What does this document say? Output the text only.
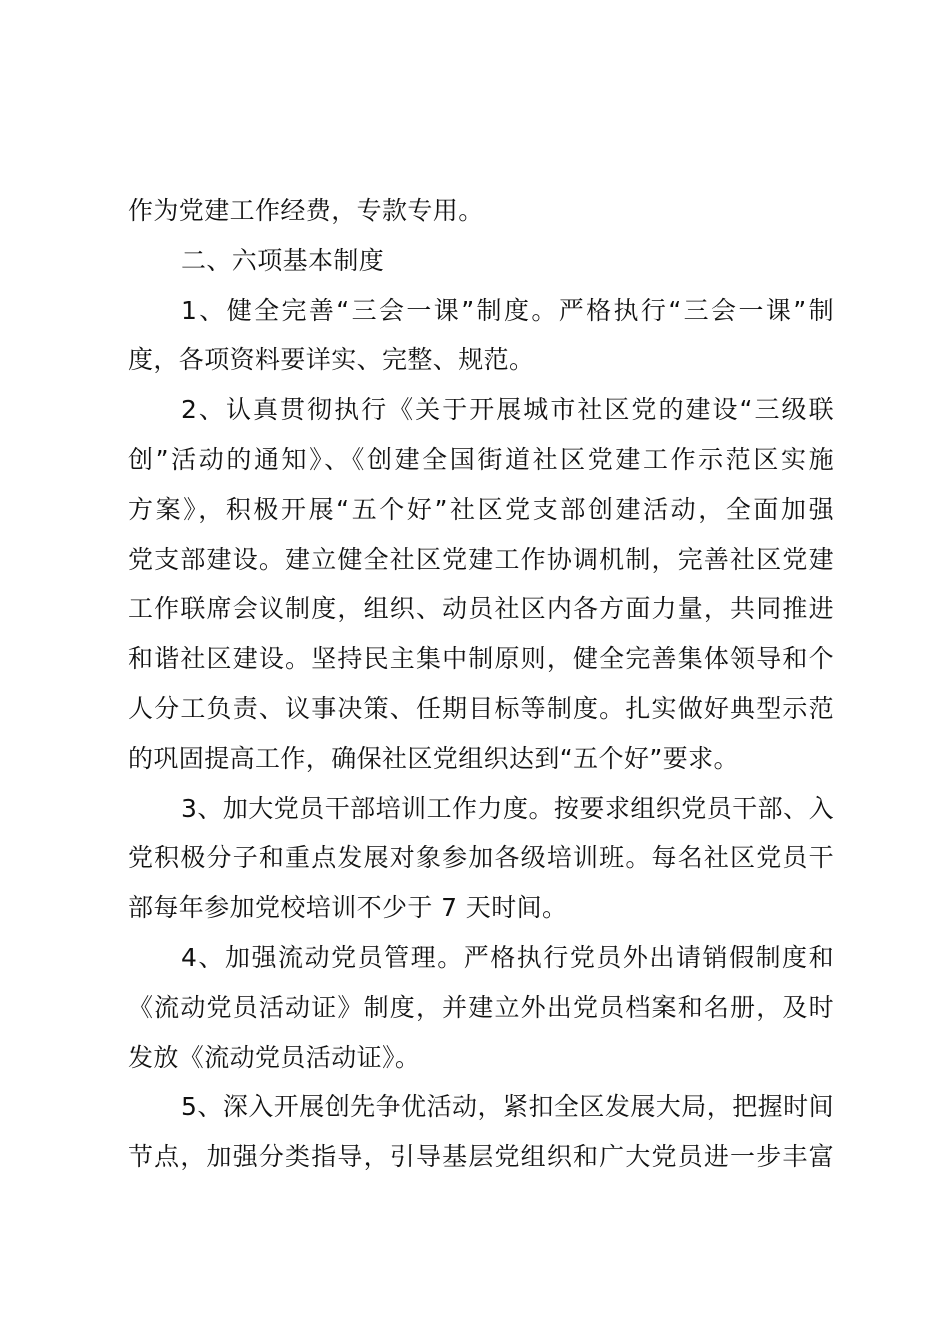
作为党建工作经费，专款专用。
二、六项基本制度
1、健全完善“三会一课”制度。严格执行“三会一课”制
度，各项资料要详实、完整、规范。
2、认真贯彻执行《关于开展城市社区党的建设“三级联
创”活动的通知》、《创建全国街道社区党建工作示范区实施
方案》，积极开展“五个好”社区党支部创建活动，全面加强
党支部建设。建立健全社区党建工作协调机制，完善社区党建
工作联席会议制度，组织、动员社区内各方面力量，共同推进
和谐社区建设。坚持民主集中制原则，健全完善集体领导和个
人分工负责、议事决策、任期目标等制度。扎实做好典型示范
的巩固提高工作，确保社区党组织达到“五个好”要求。
3、加大党员干部培训工作力度。按要求组织党员干部、入
党积极分子和重点发展对象参加各级培训班。每名社区党员干
部每年参加党校培训不少于 7 天时间。
4、加强流动党员管理。严格执行党员外出请销假制度和
《流动党员活动证》制度，并建立外出党员档案和名册，及时
发放《流动党员活动证》。
5、深入开展创先争优活动，紧扣全区发展大局，把握时间
节点，加强分类指导，引导基层党组织和广大党员进一步丰富
